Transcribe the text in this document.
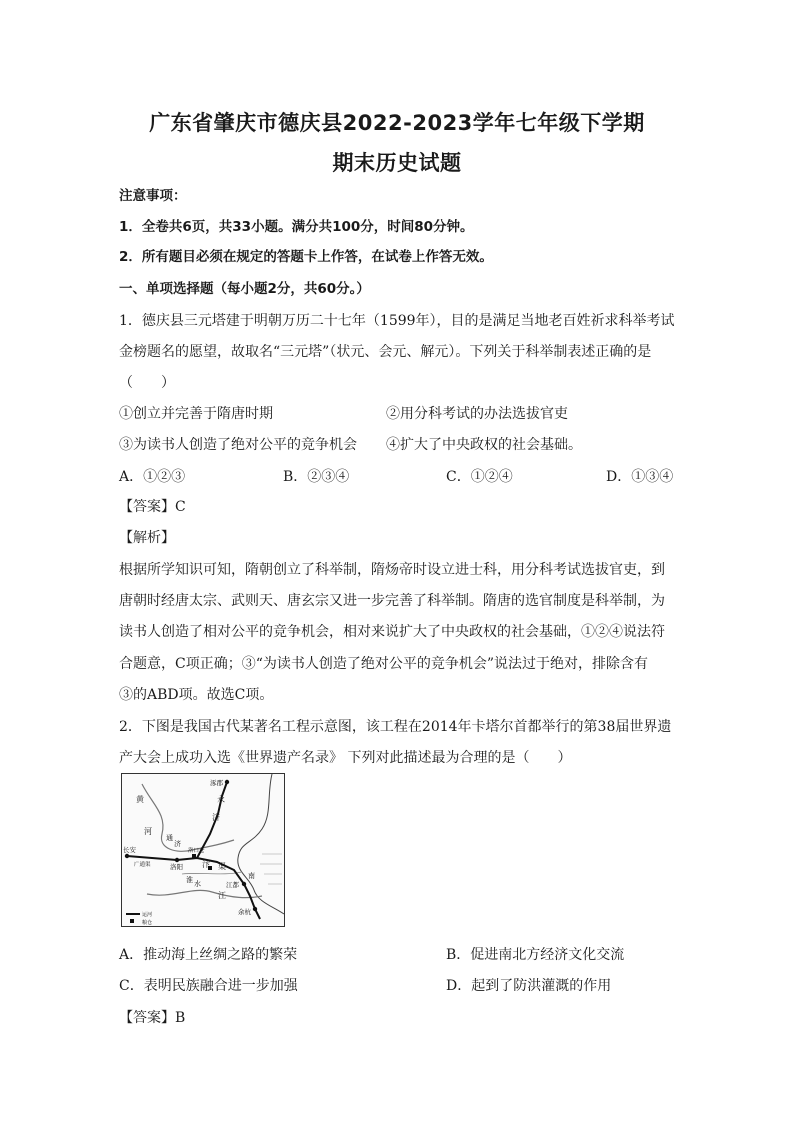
广东省肇庆市德庆县2022-2023学年七年级下学期
期末历史试题
注意事项：
1．全卷共6页，共33小题。满分共100分，时间80分钟。
2．所有题目必须在规定的答题卡上作答，在试卷上作答无效。
一、单项选择题（每小题2分，共60分。）
1．德庆县三元塔建于明朝万历二十七年（1599年），目的是满足当地老百姓祈求科举考试
金榜题名的愿望，故取名“三元塔”（状元、会元、解元）。下列关于科举制表述正确的是
（　　）
①创立并完善于隋唐时期	②用分科考试的办法选拔官吏
③为读书人创造了绝对公平的竞争机会 ④扩大了中央政权的社会基础。
A．①②③	B．②③④	C．①②④	D．①③④
【答案】C
【解析】
根据所学知识可知，隋朝创立了科举制，隋炀帝时设立进士科，用分科考试选拔官吏，到
唐朝时经唐太宗、武则天、唐玄宗又进一步完善了科举制。隋唐的选官制度是科举制，为
读书人创造了相对公平的竞争机会，相对来说扩大了中央政权的社会基础，①②④说法符
合题意，C项正确；③“为读书人创造了绝对公平的竞争机会”说法过于绝对，排除含有
③的ABD项。故选C项。
2．下图是我国古代某著名工程示意图，该工程在2014年卡塔尔首都举行的第38届世界遗
产大会上成功入选《世界遗产名录》 下列对此描述最为合理的是（　　）
涿郡
永
济
黄
河
通
济
汴 渠
长安
广通渠	洛阳
洛口仓
淮 水	江都
江
南
余杭
运河
粮仓
A．推动海上丝绸之路的繁荣	B．促进南北方经济文化交流
C．表明民族融合进一步加强	D．起到了防洪灌溉的作用
【答案】B
